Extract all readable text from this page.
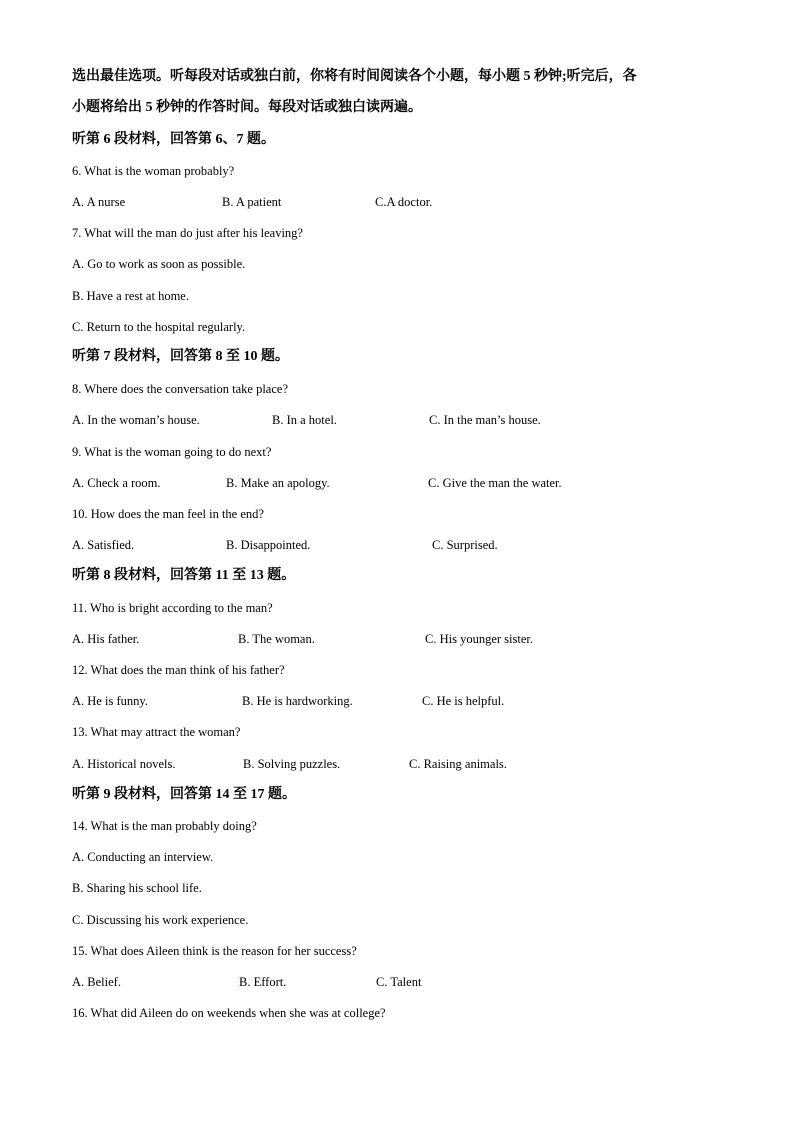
选出最佳选项。听每段对话或独白前，你将有时间阅读各个小题，每小题 5 秒钟;听完后，各
小题将给出 5 秒钟的作答时间。每段对话或独白读两遍。
听第 6 段材料，回答第 6、7 题。
6. What is the woman probably?
A. A nurse	B. A patient	C.A doctor.
7. What will the man do just after his leaving?
A. Go to work as soon as possible.
B. Have a rest at home.
C. Return to the hospital regularly.
听第 7 段材料，回答第 8 至 10 题。
8. Where does the conversation take place?
A. In the woman’s house.	B. In a hotel.	C. In the man’s house.
9. What is the woman going to do next?
A. Check a room.	B. Make an apology.	C. Give the man the water.
10. How does the man feel in the end?
A. Satisfied.	B. Disappointed.	C. Surprised.
听第 8 段材料，回答第 11 至 13 题。
11. Who is bright according to the man?
A. His father.	B. The woman.	C. His younger sister.
12. What does the man think of his father?
A. He is funny.	B. He is hardworking.	C. He is helpful.
13. What may attract the woman?
A. Historical novels.	B. Solving puzzles.	C. Raising animals.
听第 9 段材料，回答第 14 至 17 题。
14. What is the man probably doing?
A. Conducting an interview.
B. Sharing his school life.
C. Discussing his work experience.
15. What does Aileen think is the reason for her success?
A. Belief.	B. Effort.	C. Talent
16. What did Aileen do on weekends when she was at college?
